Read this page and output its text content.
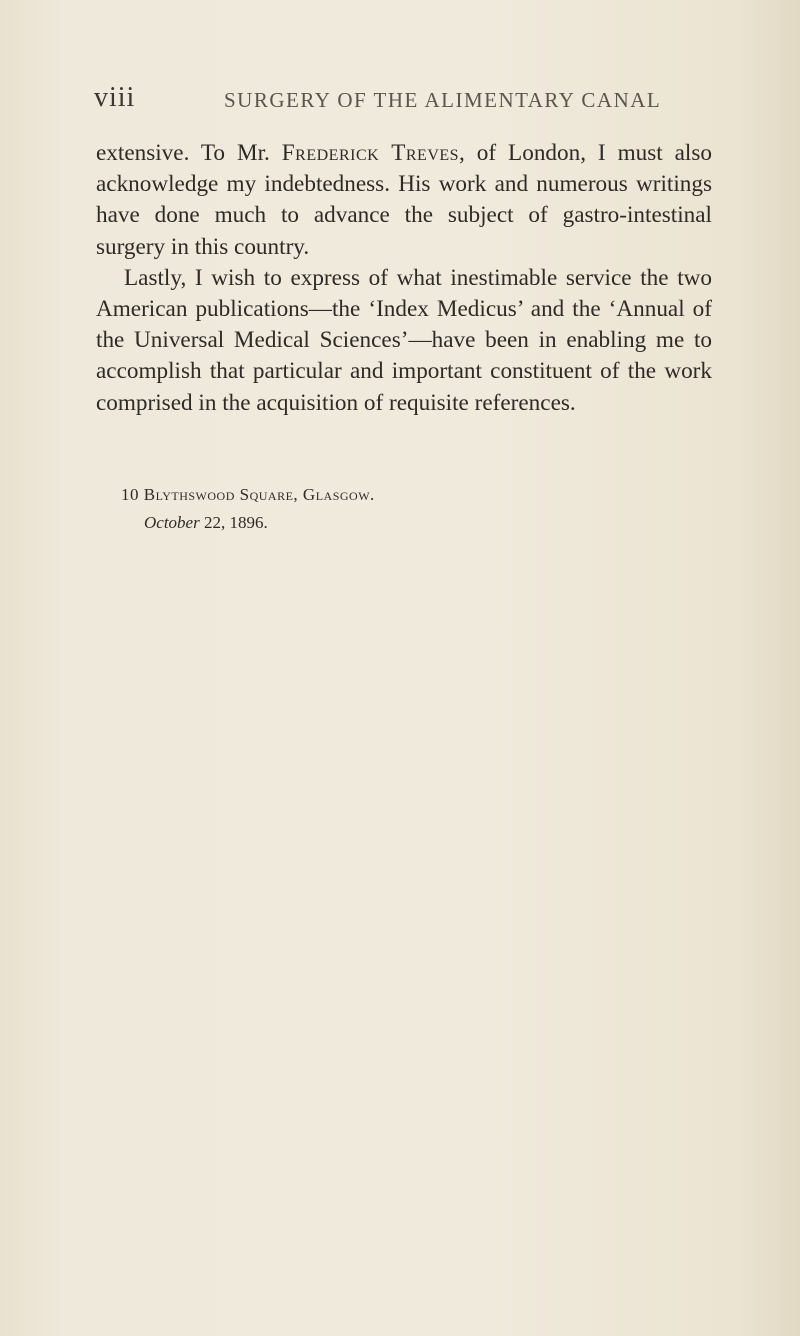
viii	SURGERY OF THE ALIMENTARY CANAL

extensive. To Mr. Frederick Treves, of London, I must also acknowledge my indebtedness. His work and numerous writings have done much to advance the subject of gastro-intestinal surgery in this country.

Lastly, I wish to express of what inestimable service the two American publications—the ‘Index Medicus’ and the ‘Annual of the Universal Medical Sciences’—have been in enabling me to accomplish that particular and important constituent of the work comprised in the acquisition of requisite references.

10 Blythswood Square, Glasgow.
October 22, 1896.
